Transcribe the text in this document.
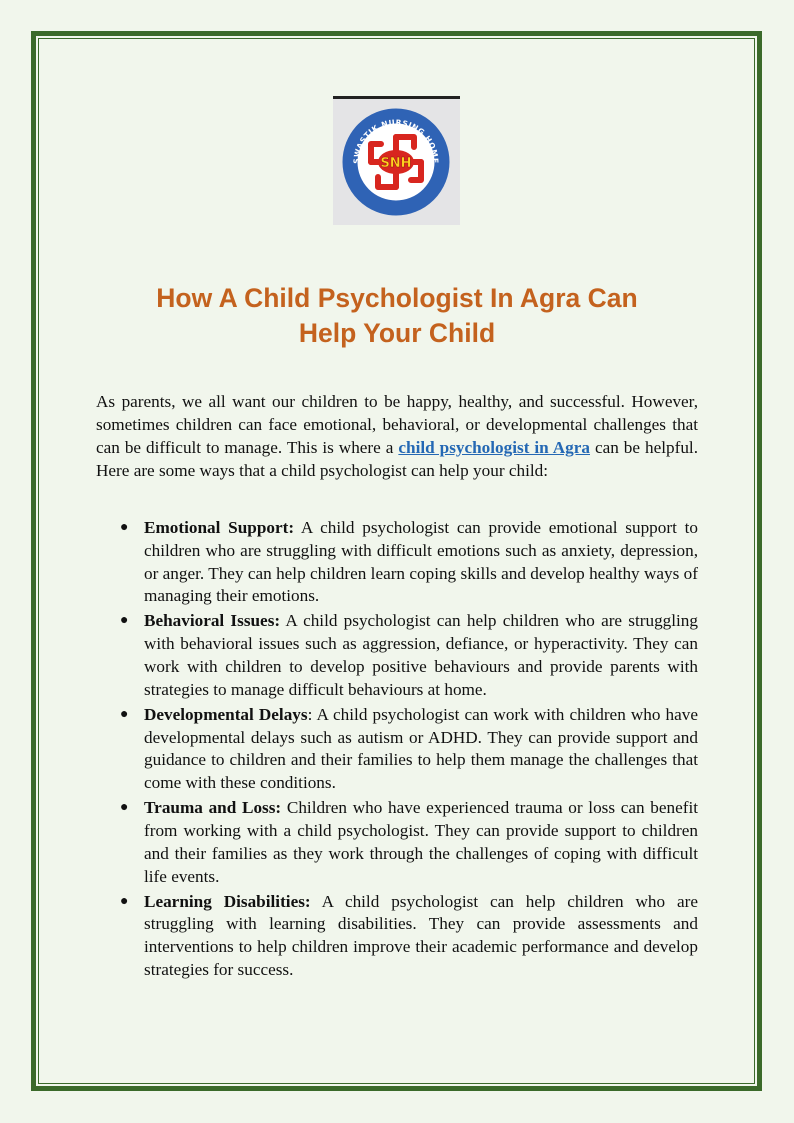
SWASTIK NURSING HOME
QUALITY HEALTHCARE
SNH
How A Child Psychologist In Agra Can
Help Your Child

As parents, we all want our children to be happy, healthy, and successful. However, sometimes children can face emotional, behavioral, or developmental challenges that can be difficult to manage. This is where a child psychologist in Agra can be helpful. Here are some ways that a child psychologist can help your child:

● Emotional Support: A child psychologist can provide emotional support to children who are struggling with difficult emotions such as anxiety, depression, or anger. They can help children learn coping skills and develop healthy ways of managing their emotions.
● Behavioral Issues: A child psychologist can help children who are struggling with behavioral issues such as aggression, defiance, or hyperactivity. They can work with children to develop positive behaviours and provide parents with strategies to manage difficult behaviours at home.
● Developmental Delays: A child psychologist can work with children who have developmental delays such as autism or ADHD. They can provide support and guidance to children and their families to help them manage the challenges that come with these conditions.
● Trauma and Loss: Children who have experienced trauma or loss can benefit from working with a child psychologist. They can provide support to children and their families as they work through the challenges of coping with difficult life events.
● Learning Disabilities: A child psychologist can help children who are struggling with learning disabilities. They can provide assessments and interventions to help children improve their academic performance and develop strategies for success.
